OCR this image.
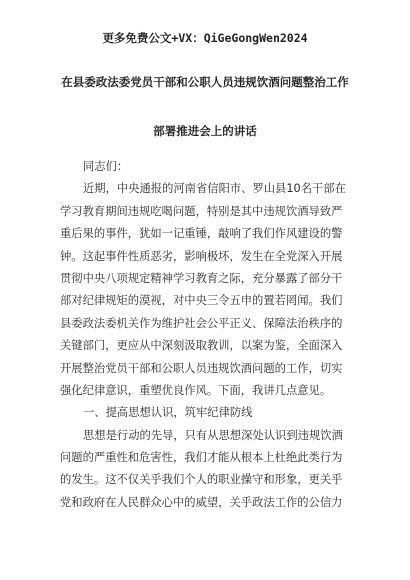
更多免费公文+VX：QiGeGongWen2024
在县委政法委党员干部和公职人员违规饮酒问题整治工作
部署推进会上的讲话
同志们：
近期，中央通报的河南省信阳市、罗山县10名干部在
学习教育期间违规吃喝问题，特别是其中违规饮酒导致严
重后果的事件，犹如一记重锤，敲响了我们作风建设的警
钟。这起事件性质恶劣，影响极坏，发生在全党深入开展
贯彻中央八项规定精神学习教育之际，充分暴露了部分干
部对纪律规矩的漠视，对中央三令五申的置若罔闻。我们
县委政法委机关作为维护社会公平正义、保障法治秩序的
关键部门，更应从中深刻汲取教训，以案为鉴，全面深入
开展整治党员干部和公职人员违规饮酒问题的工作，切实
强化纪律意识，重塑优良作风。下面，我讲几点意见。
一、提高思想认识，筑牢纪律防线
思想是行动的先导，只有从思想深处认识到违规饮酒
问题的严重性和危害性，我们才能从根本上杜绝此类行为
的发生。这不仅关乎我们个人的职业操守和形象，更关乎
党和政府在人民群众心中的威望，关乎政法工作的公信力
